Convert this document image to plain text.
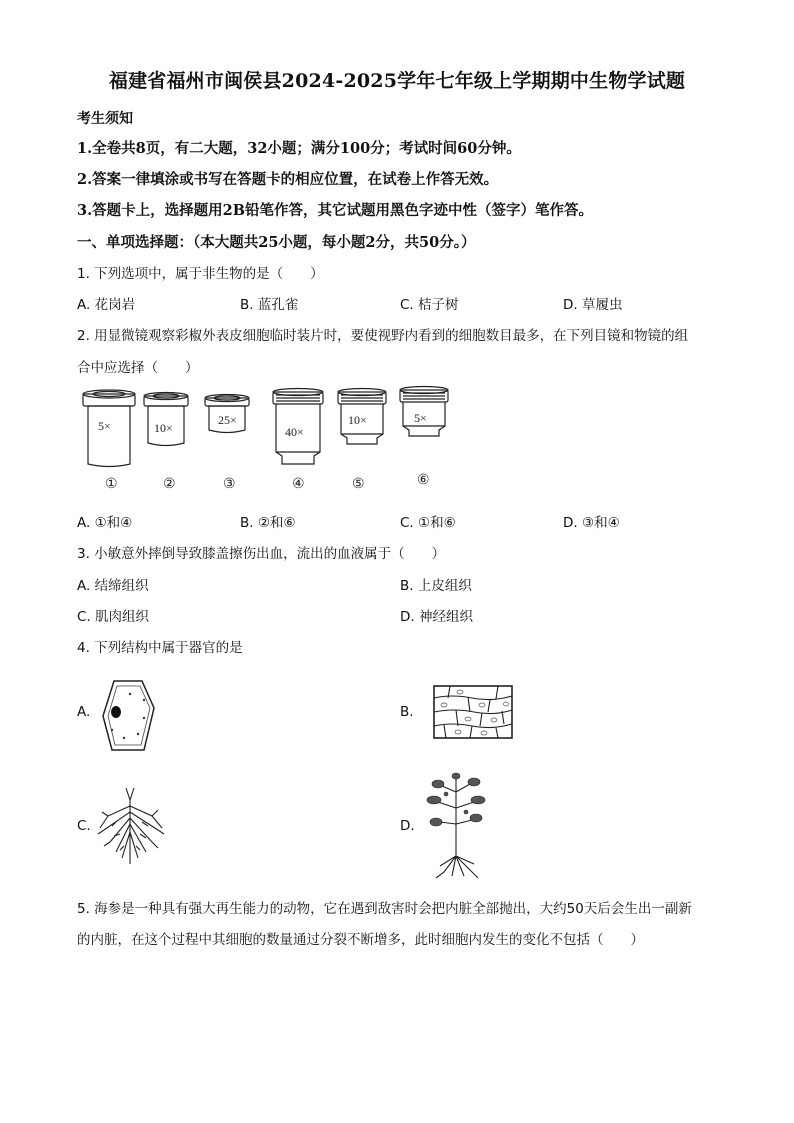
福建省福州市闽侯县2024-2025学年七年级上学期期中生物学试题
考生须知
1.全卷共8页，有二大题，32小题；满分100分；考试时间60分钟。
2.答案一律填涂或书写在答题卡的相应位置，在试卷上作答无效。
3.答题卡上，选择题用2B铅笔作答，其它试题用黑色字迹中性（签字）笔作答。
一、单项选择题：（本大题共25小题，每小题2分，共50分。）
1. 下列选项中，属于非生物的是（　　）
A. 花岗岩	B. 蓝孔雀	C. 桔子树	D. 草履虫
2. 用显微镜观察彩椒外表皮细胞临时装片时，要使视野内看到的细胞数目最多，在下列目镜和物镜的组
合中应选择（　　）
5×	10×
25×
40×
10×	5×
①	②	③	④	⑤	⑥
A. ①和④	B. ②和⑥	C. ①和⑥	D. ③和④
3. 小敏意外摔倒导致膝盖擦伤出血，流出的血液属于（　　）
A. 结缔组织	B. 上皮组织
C. 肌肉组织	D. 神经组织
4. 下列结构中属于器官的是
A.	B.
C.	D.
5. 海参是一种具有强大再生能力的动物，它在遇到敌害时会把内脏全部抛出，大约50天后会生出一副新
的内脏，在这个过程中其细胞的数量通过分裂不断增多，此时细胞内发生的变化不包括（　　）
